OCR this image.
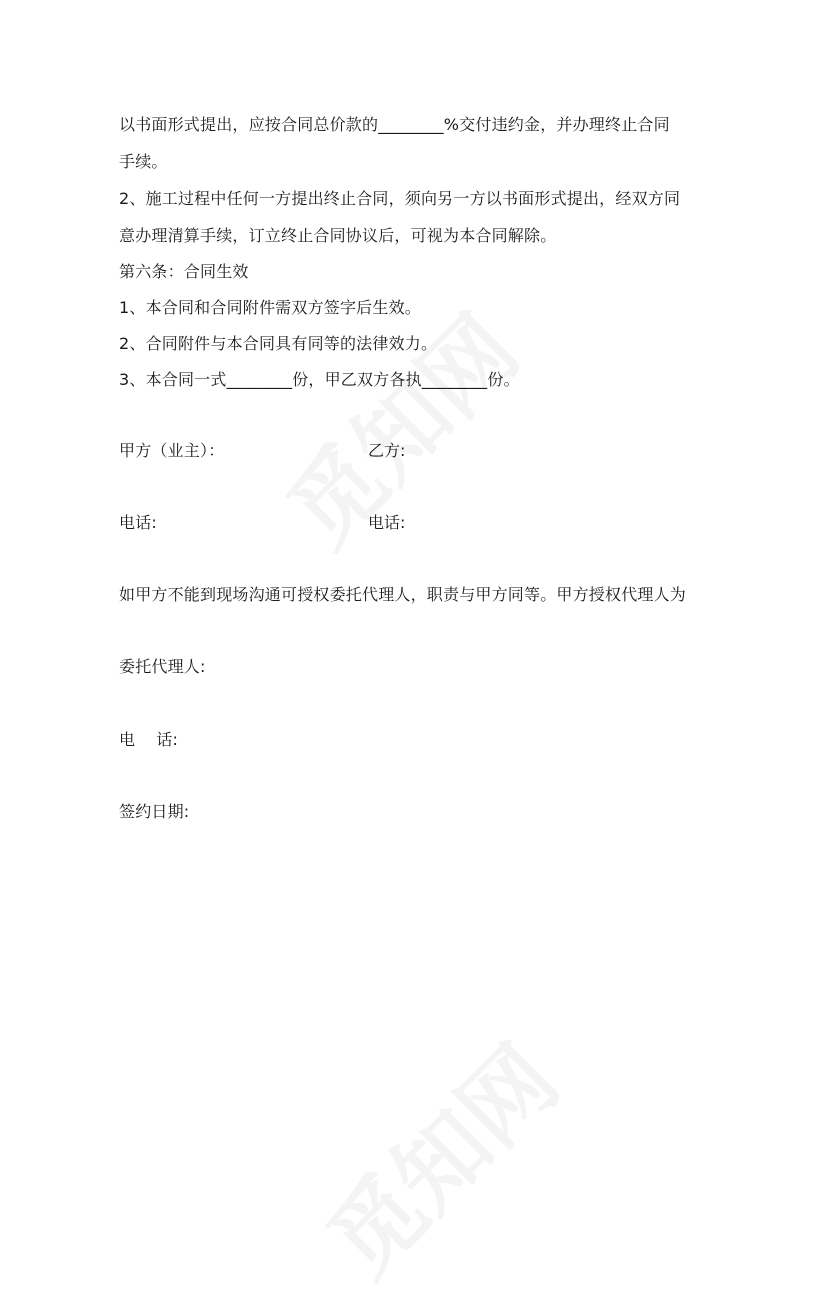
以书面形式提出，应按合同总价款的________%交付违约金，并办理终止合同
手续。
2、施工过程中任何一方提出终止合同，须向另一方以书面形式提出，经双方同
意办理清算手续，订立终止合同协议后，可视为本合同解除。
第六条：合同生效
1、本合同和合同附件需双方签字后生效。
2、合同附件与本合同具有同等的法律效力。
3、本合同一式________份，甲乙双方各执________份。
甲方（业主）：	乙方:
电话:	电话:
如甲方不能到现场沟通可授权委托代理人，职责与甲方同等。甲方授权代理人为
委托代理人:
电    话:
签约日期:
